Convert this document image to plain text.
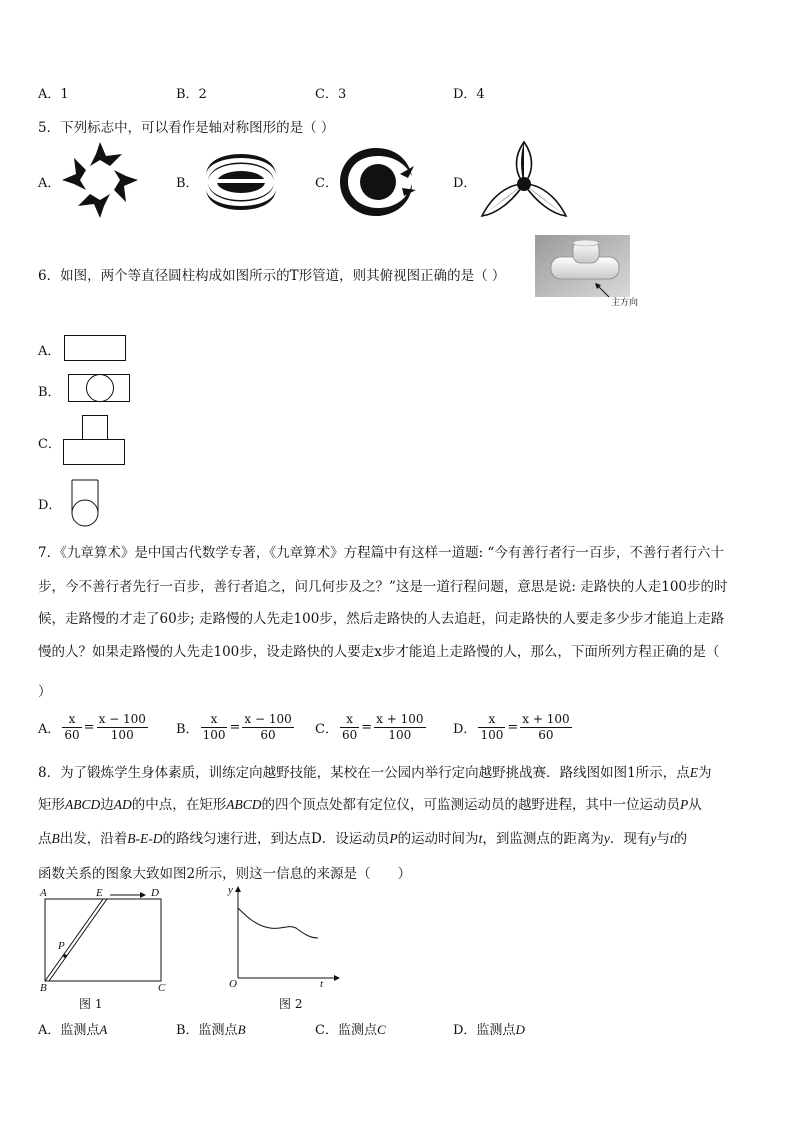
A．1	B．2	C．3	D．4
5．下列标志中，可以看作是轴对称图形的是（ ）
A．	B．	C．	D．
6．如图，两个等直径圆柱构成如图所示的T形管道，则其俯视图正确的是（ ）
主方向
A．
B．
C．
D．
7．《九章算术》是中国古代数学专著，《九章算术》方程篇中有这样一道题: “今有善行者行一百步，不善行者行六十
步，今不善行者先行一百步，善行者追之，问几何步及之？”这是一道行程问题，意思是说: 走路快的人走100步的时
候，走路慢的才走了60步; 走路慢的人先走100步，然后走路快的人去追赶，问走路快的人要走多少步才能追上走路
慢的人？如果走路慢的人先走100步，设走路快的人要走x步才能追上走路慢的人，那么，下面所列方程正确的是（
）
A． $\frac{x}{60} = \frac{x - 100}{100}$ B． $\frac{x}{100} = \frac{x - 100}{60}$ C． $\frac{x}{60} = \frac{x + 100}{100}$ D． $\frac{x}{100} = \frac{x + 100}{60}$
8．为了锻炼学生身体素质，训练定向越野技能，某校在一公园内举行定向越野挑战赛．路线图如图1所示，点E为
矩形ABCD边AD的中点，在矩形ABCD的四个顶点处都有定位仪，可监测运动员的越野进程，其中一位运动员P从
点B出发，沿着B-E-D的路线匀速行进，到达点D．设运动员P的运动时间为t，到监测点的距离为y．现有y与t的
函数关系的图象大致如图2所示，则这一信息的来源是（　　）
A	E	D
P
B	C
图 1
y
t
O
图 2
A．监测点A	B．监测点B	C．监测点C	D．监测点D
